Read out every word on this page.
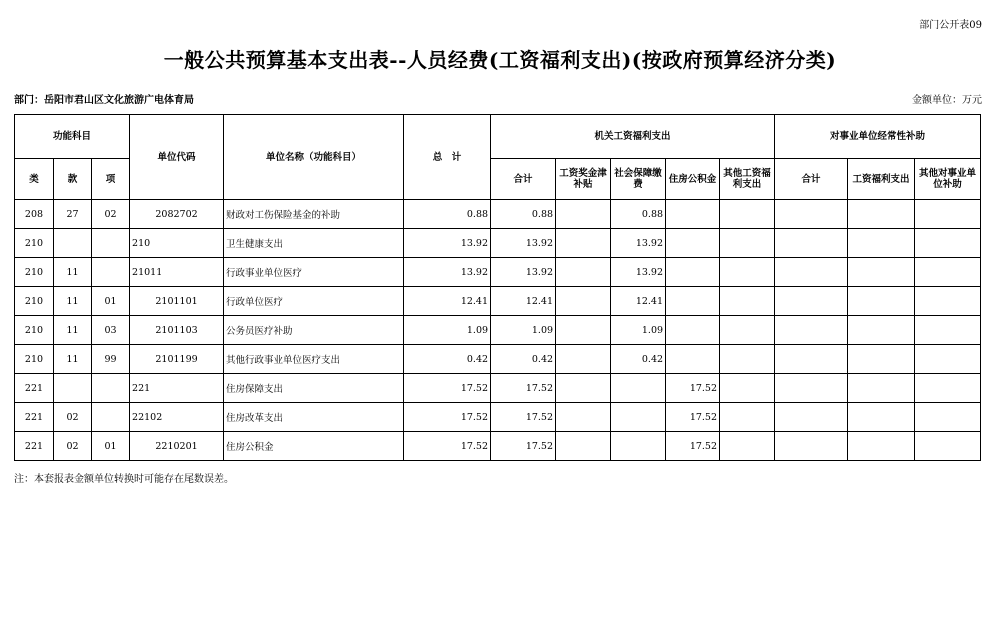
部门公开表09
一般公共预算基本支出表--人员经费(工资福利支出)(按政府预算经济分类)
部门：岳阳市君山区文化旅游广电体育局	金额单位：万元
功能科目			单位代码	单位名称（功能科目）	总　计	机关工资福利支出					对事业单位经常性补助		
类	款	项				合计	工资奖金津补贴	社会保障缴费	住房公积金	其他工资福利支出	合计	工资福利支出	其他对事业单位补助
208	27	02	2082702	财政对工伤保险基金的补助	0.88	0.88		0.88					
210			210	卫生健康支出	13.92	13.92		13.92					
210	11		21011	行政事业单位医疗	13.92	13.92		13.92					
210	11	01	2101101	行政单位医疗	12.41	12.41		12.41					
210	11	03	2101103	公务员医疗补助	1.09	1.09		1.09					
210	11	99	2101199	其他行政事业单位医疗支出	0.42	0.42		0.42					
221			221	住房保障支出	17.52	17.52			17.52				
221	02		22102	住房改革支出	17.52	17.52			17.52				
221	02	01	2210201	住房公积金	17.52	17.52			17.52				
注：本套报表金额单位转换时可能存在尾数误差。
